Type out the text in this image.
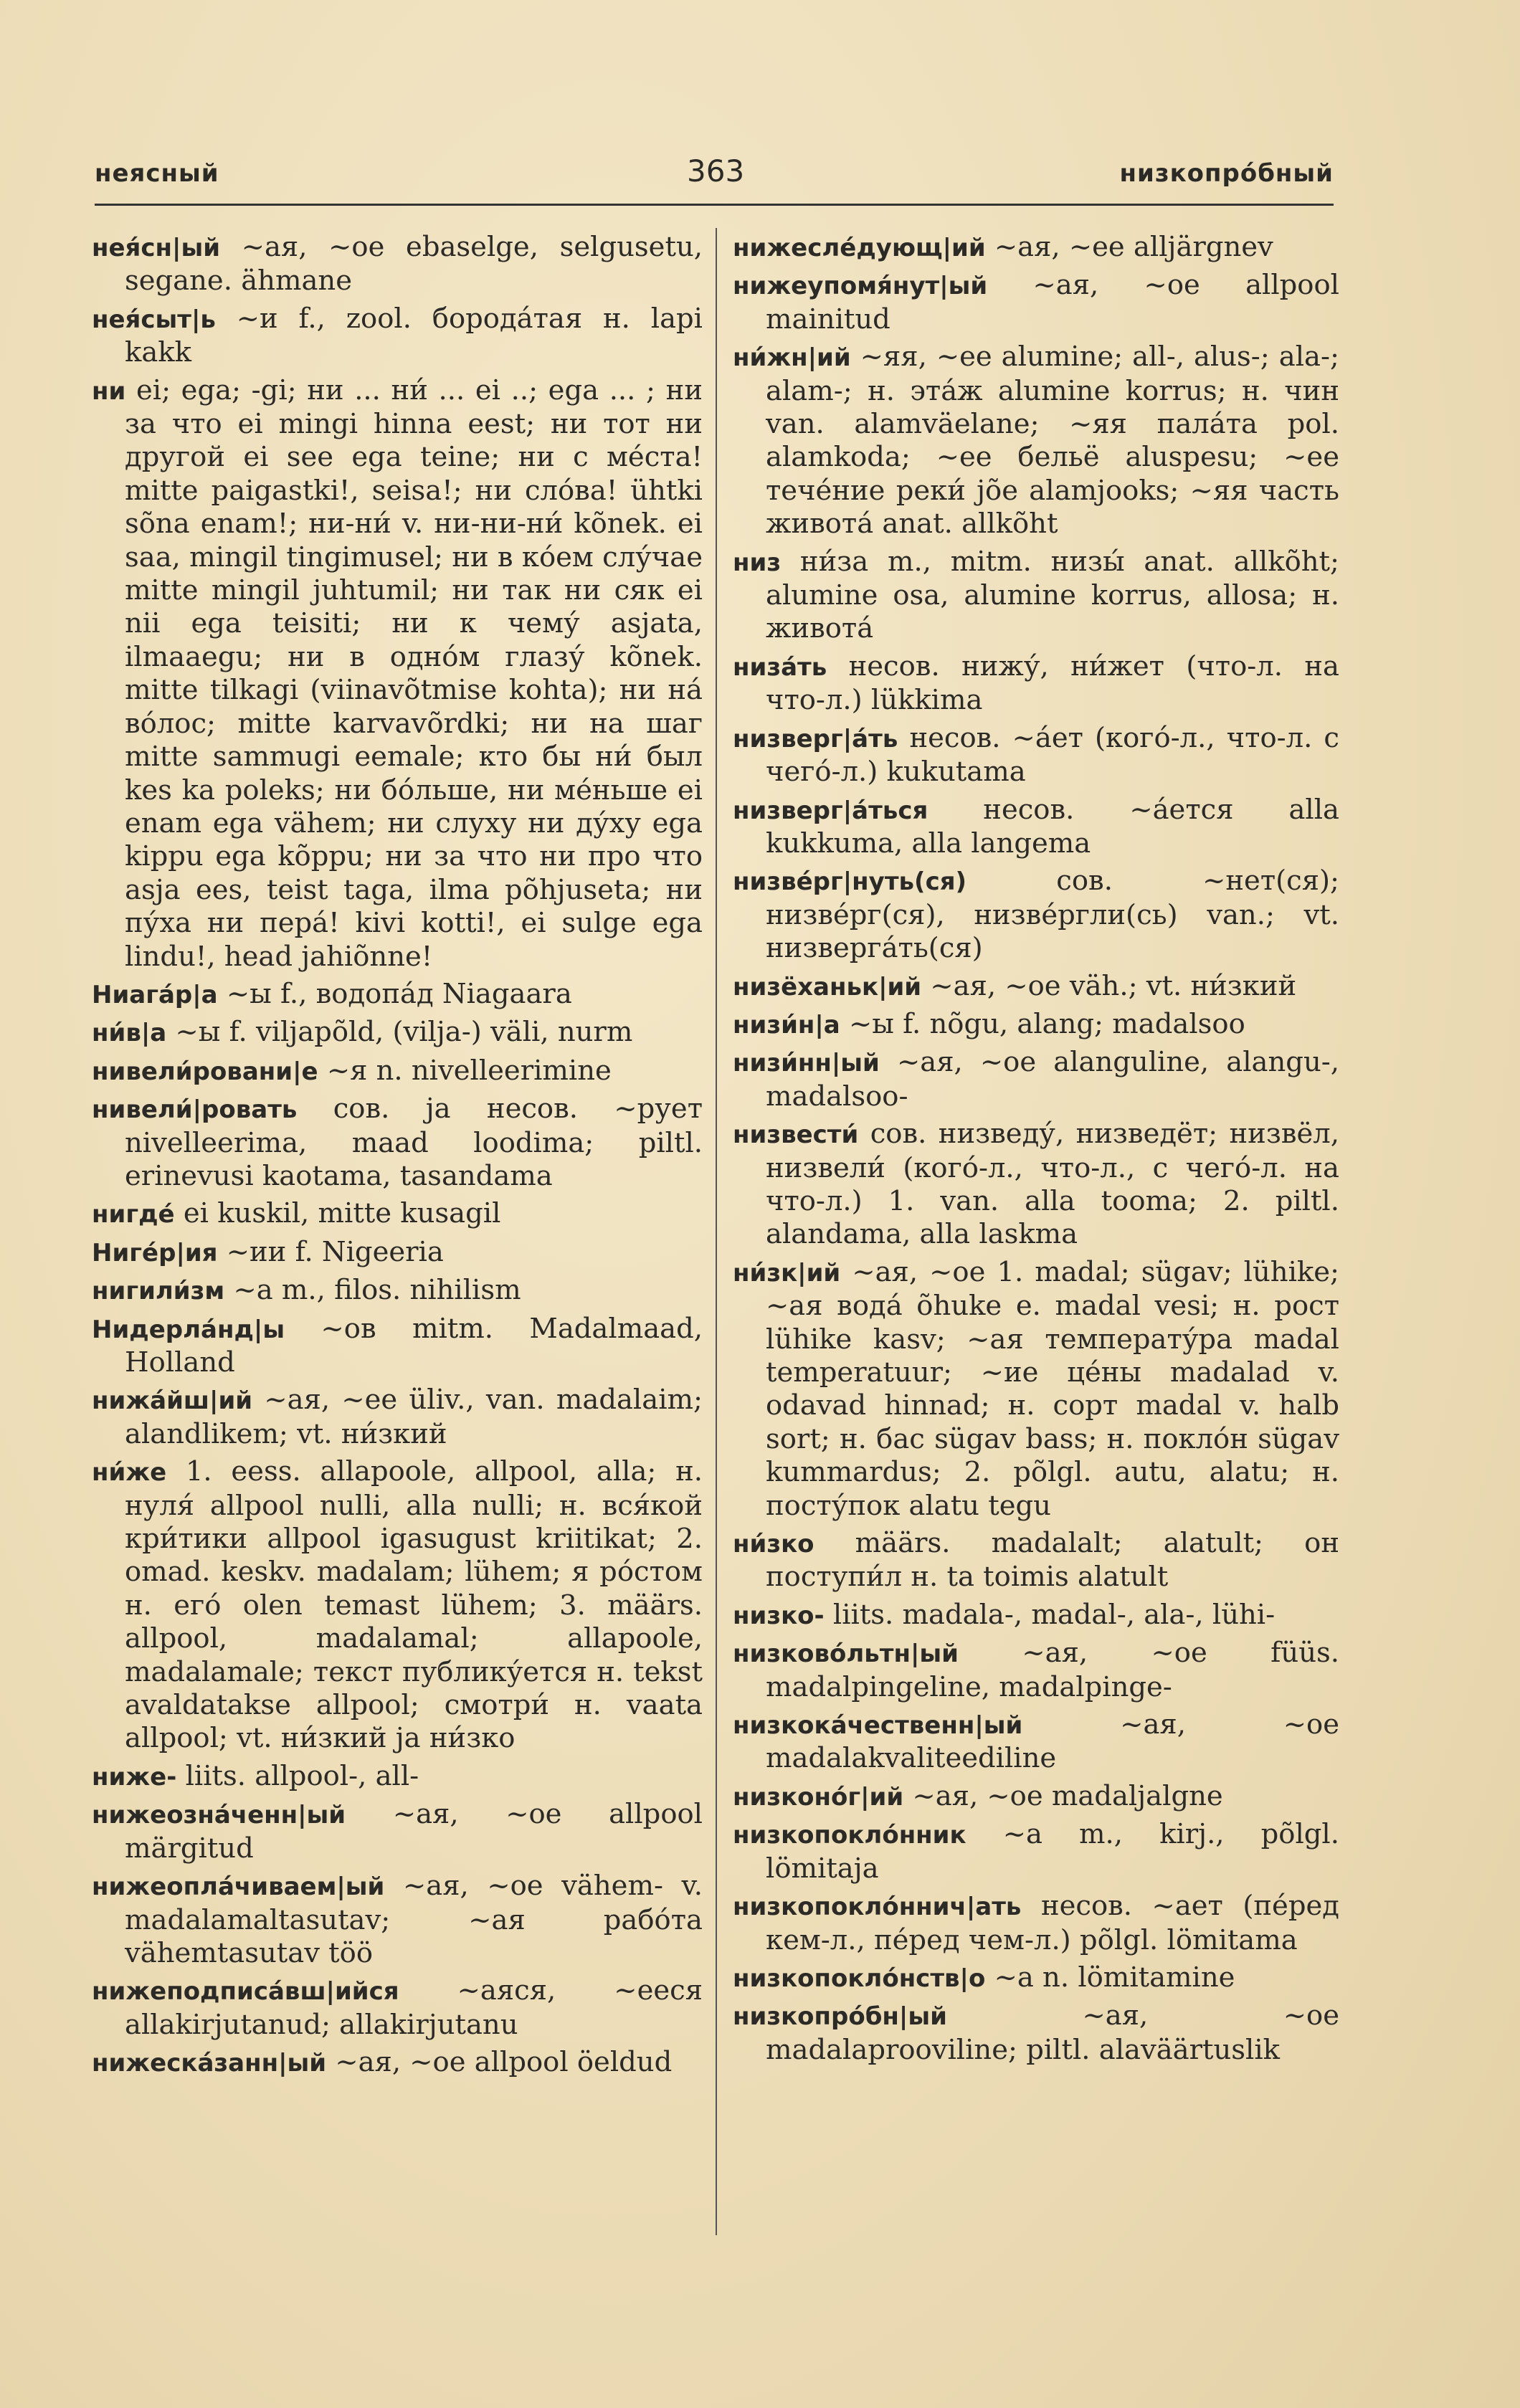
неясный	363	низкопро́бный

нея́сн|ый ~ая, ~ое ebaselge, selgusetu, segane. ähmane

нея́сыт|ь ~и f., zool. борода́тая н. lapi kakk

ни ei; ega; -gi; ни ... ни́ ... ei ..; ega ... ; ни за что ei mingi hinna eest; ни тот ни другой ei see ega teine; ни с ме́ста! mitte paigastki!, seisa!; ни сло́ва! ühtki sõna enam!; ни-ни́ v. ни-ни-ни́ kõnek. ei saa, mingil tingimusel; ни в ко́ем слу́чае mitte mingil juhtumil; ни так ни сяк ei nii ega teisiti; ни к чему́ asjata, ilmaaegu; ни в одно́м глазу́ kõnek. mitte tilkagi (viinavõtmise kohta); ни на́ во́лос; mitte karvavõrdki; ни на шаг mitte sammugi eemale; кто бы ни́ был kes ka poleks; ни бо́льше, ни ме́ньше ei enam ega vähem; ни слуху ни ду́ху ega kippu ega kõppu; ни за что ни про что asja ees, teist taga, ilma põhjuseta; ни пу́ха ни пера́! kivi kotti!, ei sulge ega lindu!, head jahiõnne!

Ниага́р|а ~ы f., водопа́д Niagaara

ни́в|а ~ы f. viljapõld, (vilja-) väli, nurm

нивели́ровани|е ~я n. nivelleerimine

нивели́|ровать сов. ja несов. ~рует nivelleerima, maad loodima; piltl. erinevusi kaotama, tasandama

нигде́ ei kuskil, mitte kusagil

Ниге́р|ия ~ии f. Nigeeria

нигили́зм ~а m., filos. nihilism

Нидерла́нд|ы ~ов mitm. Madalmaad, Holland

нижа́йш|ий ~ая, ~ее üliv., van. madalaim; alandlikem; vt. ни́зкий

ни́же 1. eess. allapoole, allpool, alla; н. нуля́ allpool nulli, alla nulli; н. вся́кой кри́тики allpool igasugust kriitikat; 2. omad. keskv. madalam; lühem; я ро́стом н. его́ olen temast lühem; 3. määrs. allpool, madalamal; allapoole, madalamale; текст публику́ется н. tekst avaldatakse allpool; смотри́ н. vaata allpool; vt. ни́зкий ja ни́зко

ниже- liits. allpool-, all-

нижеозна́ченн|ый ~ая, ~ое allpool märgitud

нижеопла́чиваем|ый ~ая, ~ое vähem- v. madalamaltasutav; ~ая рабо́та vähemtasutav töö

нижеподписа́вш|ийся ~аяся, ~ееся allakirjutanud; allakirjutanu

нижеска́занн|ый ~ая, ~ое allpool öeldud

нижесле́дующ|ий ~ая, ~ее alljärgnev

нижеупомя́нут|ый ~ая, ~ое allpool mainitud

ни́жн|ий ~яя, ~ее alumine; all-, alus-; ala-; alam-; н. эта́ж alumine korrus; н. чин van. alamväelane; ~яя пала́та pol. alamkoda; ~ее бельё aluspesu; ~ее тече́ние реки́ jõe alamjooks; ~яя часть живота́ anat. allkõht

низ ни́за m., mitm. низы́ anat. allkõht; alumine osa, alumine korrus, allosa; н. живота́

низа́ть несов. нижу́, ни́жет (что-л. на что-л.) lükkima

низверг|а́ть несов. ~а́ет (кого́-л., что-л. с чего́-л.) kukutama

низверг|а́ться несов. ~а́ется alla kukkuma, alla langema

низве́рг|нуть(ся)	сов. ~нет(ся); низве́рг(ся), низве́ргли(сь) van.; vt. низверга́ть(ся)

низёханьк|ий ~ая, ~ое väh.; vt. ни́зкий

низи́н|а ~ы f. nõgu, alang; madalsoo

низи́нн|ый ~ая, ~ое alanguline, alangu-, madalsoo-

низвести́ сов. низведу́, низведёт; низвёл, низвели́ (кого́-л., что-л., с чего́-л. на что-л.) 1. van. alla tooma; 2. piltl. alandama, alla laskma

ни́зк|ий ~ая, ~ое 1. madal; sügav; lühike; ~ая вода́ õhuke e. madal vesi; н. рост lühike kasv; ~ая температу́ра madal temperatuur; ~ие це́ны madalad v. odavad hinnad; н. сорт madal v. halb sort; н. бас sügav bass; н. покло́н sügav kummardus; 2. põlgl. autu, alatu; н. посту́пок alatu tegu

ни́зко määrs. madalalt; alatult; он поступи́л н. ta toimis alatult

низко- liits. madala-, madal-, ala-, lühi-

низково́льтн|ый ~ая, ~ое füüs. madalpingeline, madalpinge-

низкока́чественн|ый	~ая, ~ое madalakvaliteediline

низконо́г|ий ~ая, ~ое madaljalgne

низкопокло́нник ~а m., kirj., põlgl. lömitaja

низкопокло́ннич|ать несов. ~ает (пе́ред кем-л., пе́ред чем-л.) põlgl. lömitama

низкопокло́нств|о ~а n. lömitamine

низкопро́бн|ый	~ая, ~ое madalaprooviline; piltl. alaväärtuslik
